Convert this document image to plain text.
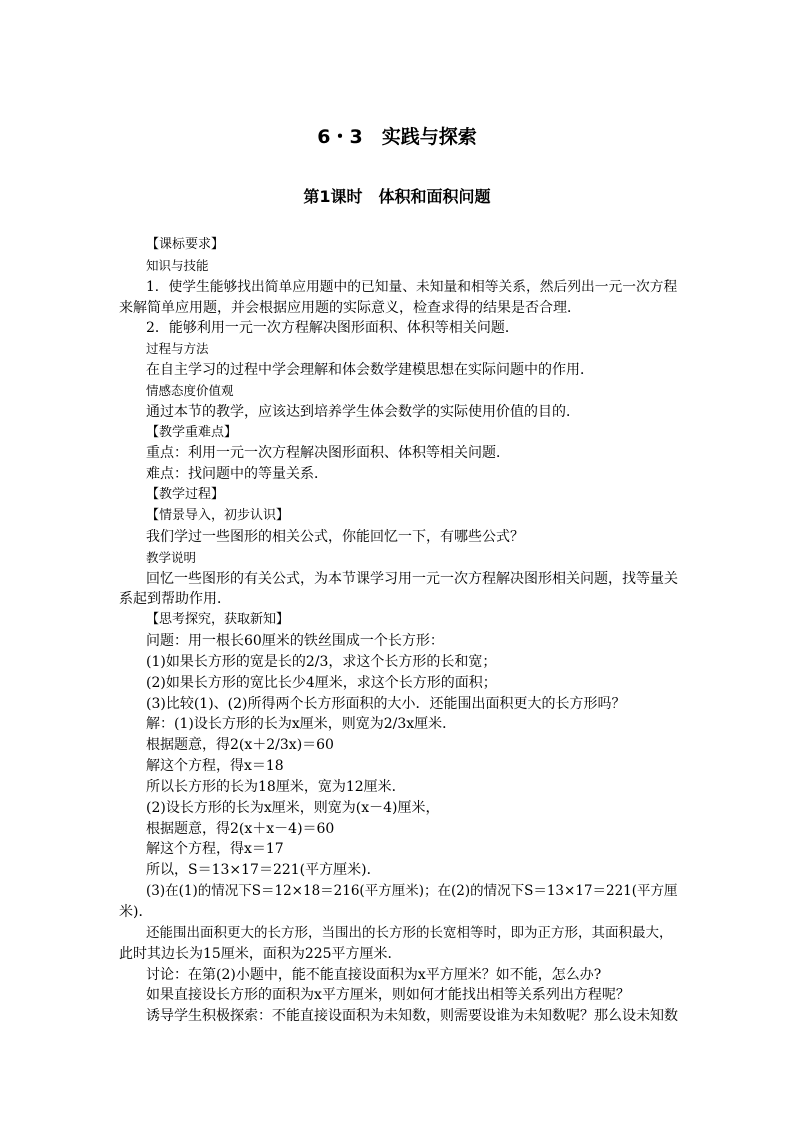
6・3　实践与探索
第1课时　体积和面积问题
【课标要求】
知识与技能
1．使学生能够找出简单应用题中的已知量、未知量和相等关系，然后列出一元一次方程
来解简单应用题，并会根据应用题的实际意义，检查求得的结果是否合理．
2．能够利用一元一次方程解决图形面积、体积等相关问题．
过程与方法
在自主学习的过程中学会理解和体会数学建模思想在实际问题中的作用．
情感态度价值观
通过本节的教学，应该达到培养学生体会数学的实际使用价值的目的．
【教学重难点】
重点：利用一元一次方程解决图形面积、体积等相关问题．
难点：找问题中的等量关系．
【教学过程】
【情景导入，初步认识】
我们学过一些图形的相关公式，你能回忆一下，有哪些公式？
教学说明
回忆一些图形的有关公式，为本节课学习用一元一次方程解决图形相关问题，找等量关
系起到帮助作用．
【思考探究，获取新知】
问题：用一根长60厘米的铁丝围成一个长方形：
(1)如果长方形的宽是长的2/3，求这个长方形的长和宽；
(2)如果长方形的宽比长少4厘米，求这个长方形的面积；
(3)比较(1)、(2)所得两个长方形面积的大小．还能围出面积更大的长方形吗？
解：(1)设长方形的长为x厘米，则宽为2/3x厘米．
根据题意，得2(x＋2/3x)＝60
解这个方程，得x＝18
所以长方形的长为18厘米，宽为12厘米．
(2)设长方形的长为x厘米，则宽为(x－4)厘米，
根据题意，得2(x＋x－4)＝60
解这个方程，得x＝17
所以，S＝13×17＝221(平方厘米)．
(3)在(1)的情况下S＝12×18＝216(平方厘米)；在(2)的情况下S＝13×17＝221(平方厘
米)．
还能围出面积更大的长方形，当围出的长方形的长宽相等时，即为正方形，其面积最大，
此时其边长为15厘米，面积为225平方厘米．
讨论：在第(2)小题中，能不能直接设面积为x平方厘米？如不能，怎么办?
如果直接设长方形的面积为x平方厘米，则如何才能找出相等关系列出方程呢？
诱导学生积极探索：不能直接设面积为未知数，则需要设谁为未知数呢？那么设未知数
